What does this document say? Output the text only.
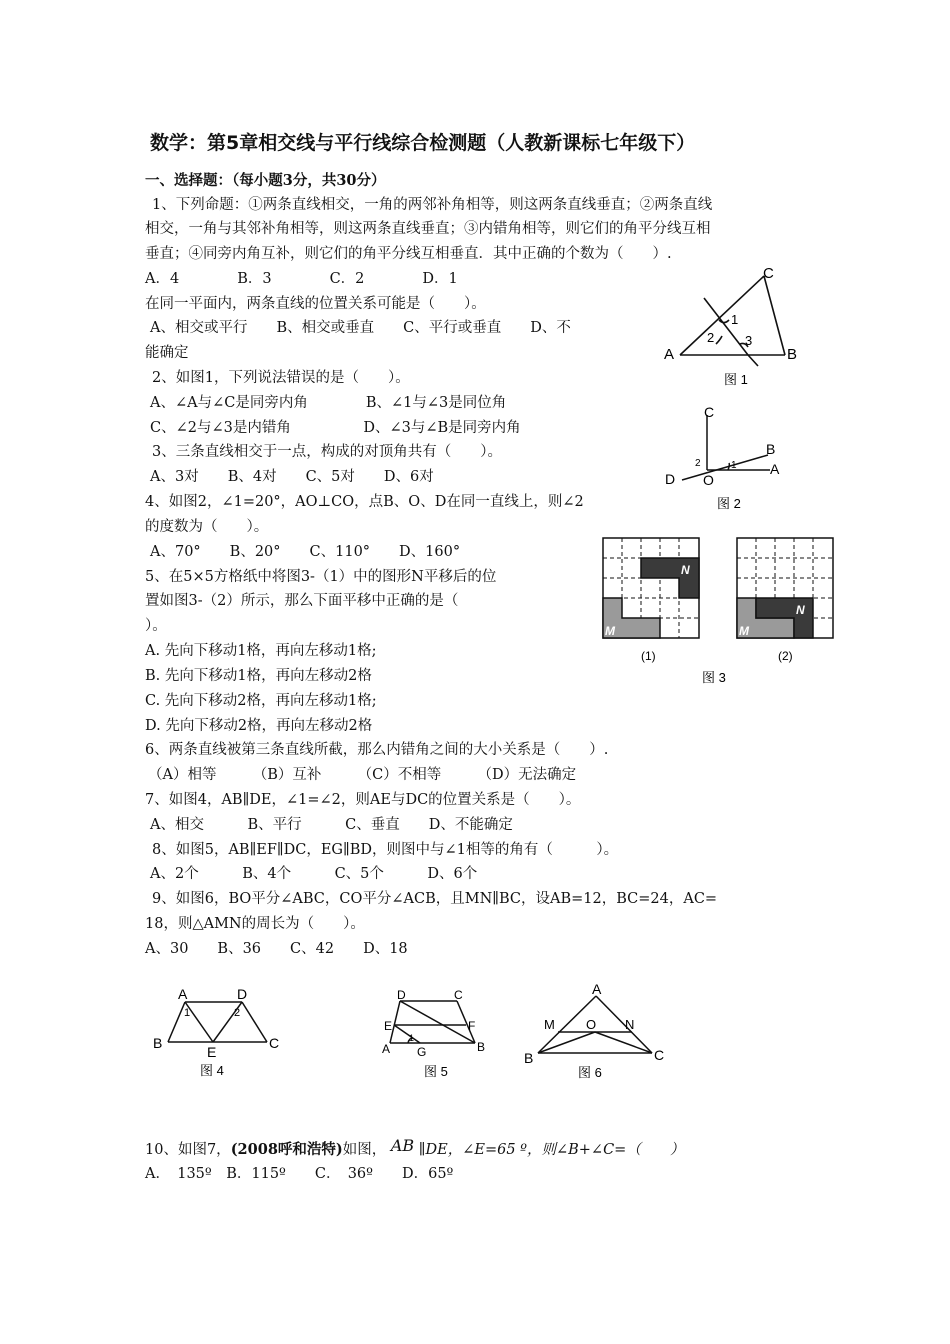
数学：第5章相交线与平行线综合检测题（人教新课标七年级下）
一、选择题：（每小题3分，共30分）
1、下列命题：①两条直线相交，一角的两邻补角相等，则这两条直线垂直；②两条直线
相交，一角与其邻补角相等，则这两条直线垂直；③内错角相等，则它们的角平分线互相
垂直；④同旁内角互补，则它们的角平分线互相垂直．其中正确的个数为（　　）.
A．4　　　　B．3　　　　C．2　　　　D．1
在同一平面内，两条直线的位置关系可能是（　　）。
A、相交或平行　　B、相交或垂直　　C、平行或垂直　　D、不
能确定
2、如图1，下列说法错误的是（　　）。
A、∠A与∠C是同旁内角　　　　B、∠1与∠3是同位角
C、∠2与∠3是内错角　　　　　D、∠3与∠B是同旁内角
3、三条直线相交于一点，构成的对顶角共有（　　）。
A、3对　　B、4对　　C、5对　　D、6对
4、如图2，∠1=20°，AO⊥CO，点B、O、D在同一直线上，则∠2
的度数为（　　）。
A、70°　　B、20°　　C、110°　　D、160°
5、在5×5方格纸中将图3-（1）中的图形N平移后的位
置如图3-（2）所示，那么下面平移中正确的是（
）。
A. 先向下移动1格，再向左移动1格;
B. 先向下移动1格，再向左移动2格
C. 先向下移动2格，再向左移动1格;
D. 先向下移动2格，再向左移动2格
6、两条直线被第三条直线所截，那么内错角之间的大小关系是（　　）.
（A）相等　　　（B）互补　　　（C）不相等　　　（D）无法确定
7、如图4，AB∥DE，∠1=∠2，则AE与DC的位置关系是（　　）。
A、相交　　　B、平行　　　C、垂直　　D、不能确定
8、如图5，AB∥EF∥DC，EG∥BD，则图中与∠1相等的角有（　　　）。
A、2个　　　B、4个　　　C、5个　　　D、6个
9、如图6，BO平分∠ABC，CO平分∠ACB，且MN∥BC，设AB=12，BC=24，AC=
18，则△AMN的周长为（　　）。
A、30　　B、36　　C、42　　D、18
10、如图7，(2008呼和浩特)如图， AB ∥DE，∠E=65 º，则∠B+∠C=（　　）
A．　135º　B．115º　　C．　36º　　D．65º
A	B
C
1
2 3
图 1
C
B
A
D O
1
2
图 2
N
M
N
M
(1)	(2)
图 3
A	D
B
E
C
1	2
图 4
D	C
E	F
A G	B
1
图 5
A
M O N
B	C
图 6
